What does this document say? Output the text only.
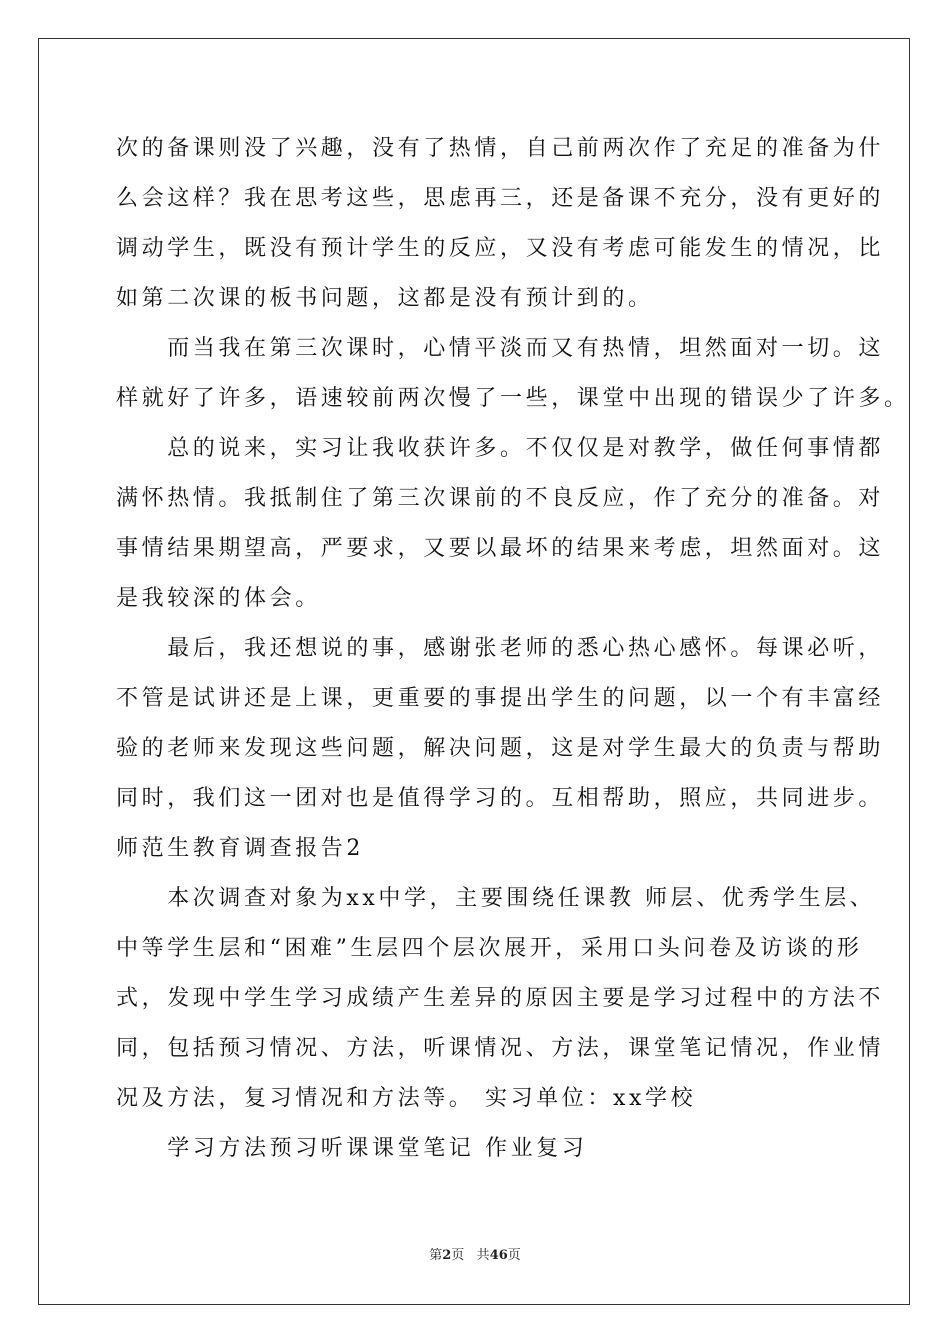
次的备课则没了兴趣，没有了热情，自己前两次作了充足的准备为什
么会这样？我在思考这些，思虑再三，还是备课不充分，没有更好的
调动学生，既没有预计学生的反应，又没有考虑可能发生的情况，比
如第二次课的板书问题，这都是没有预计到的。
　　而当我在第三次课时，心情平淡而又有热情，坦然面对一切。这
样就好了许多，语速较前两次慢了一些，课堂中出现的错误少了许多。
　　总的说来，实习让我收获许多。不仅仅是对教学，做任何事情都
满怀热情。我抵制住了第三次课前的不良反应，作了充分的准备。对
事情结果期望高，严要求，又要以最坏的结果来考虑，坦然面对。这
是我较深的体会。
　　最后，我还想说的事，感谢张老师的悉心热心感怀。每课必听，
不管是试讲还是上课，更重要的事提出学生的问题，以一个有丰富经
验的老师来发现这些问题，解决问题，这是对学生最大的负责与帮助
同时，我们这一团对也是值得学习的。互相帮助，照应，共同进步。
师范生教育调查报告2
　　本次调查对象为xx中学，主要围绕任课教 师层、优秀学生层、
中等学生层和“困难”生层四个层次展开，采用口头问卷及访谈的形
式，发现中学生学习成绩产生差异的原因主要是学习过程中的方法不
同，包括预习情况、方法，听课情况、方法，课堂笔记情况，作业情
况及方法，复习情况和方法等。 实习单位：xx学校
　　学习方法预习听课课堂笔记 作业复习
第2页 共46页
